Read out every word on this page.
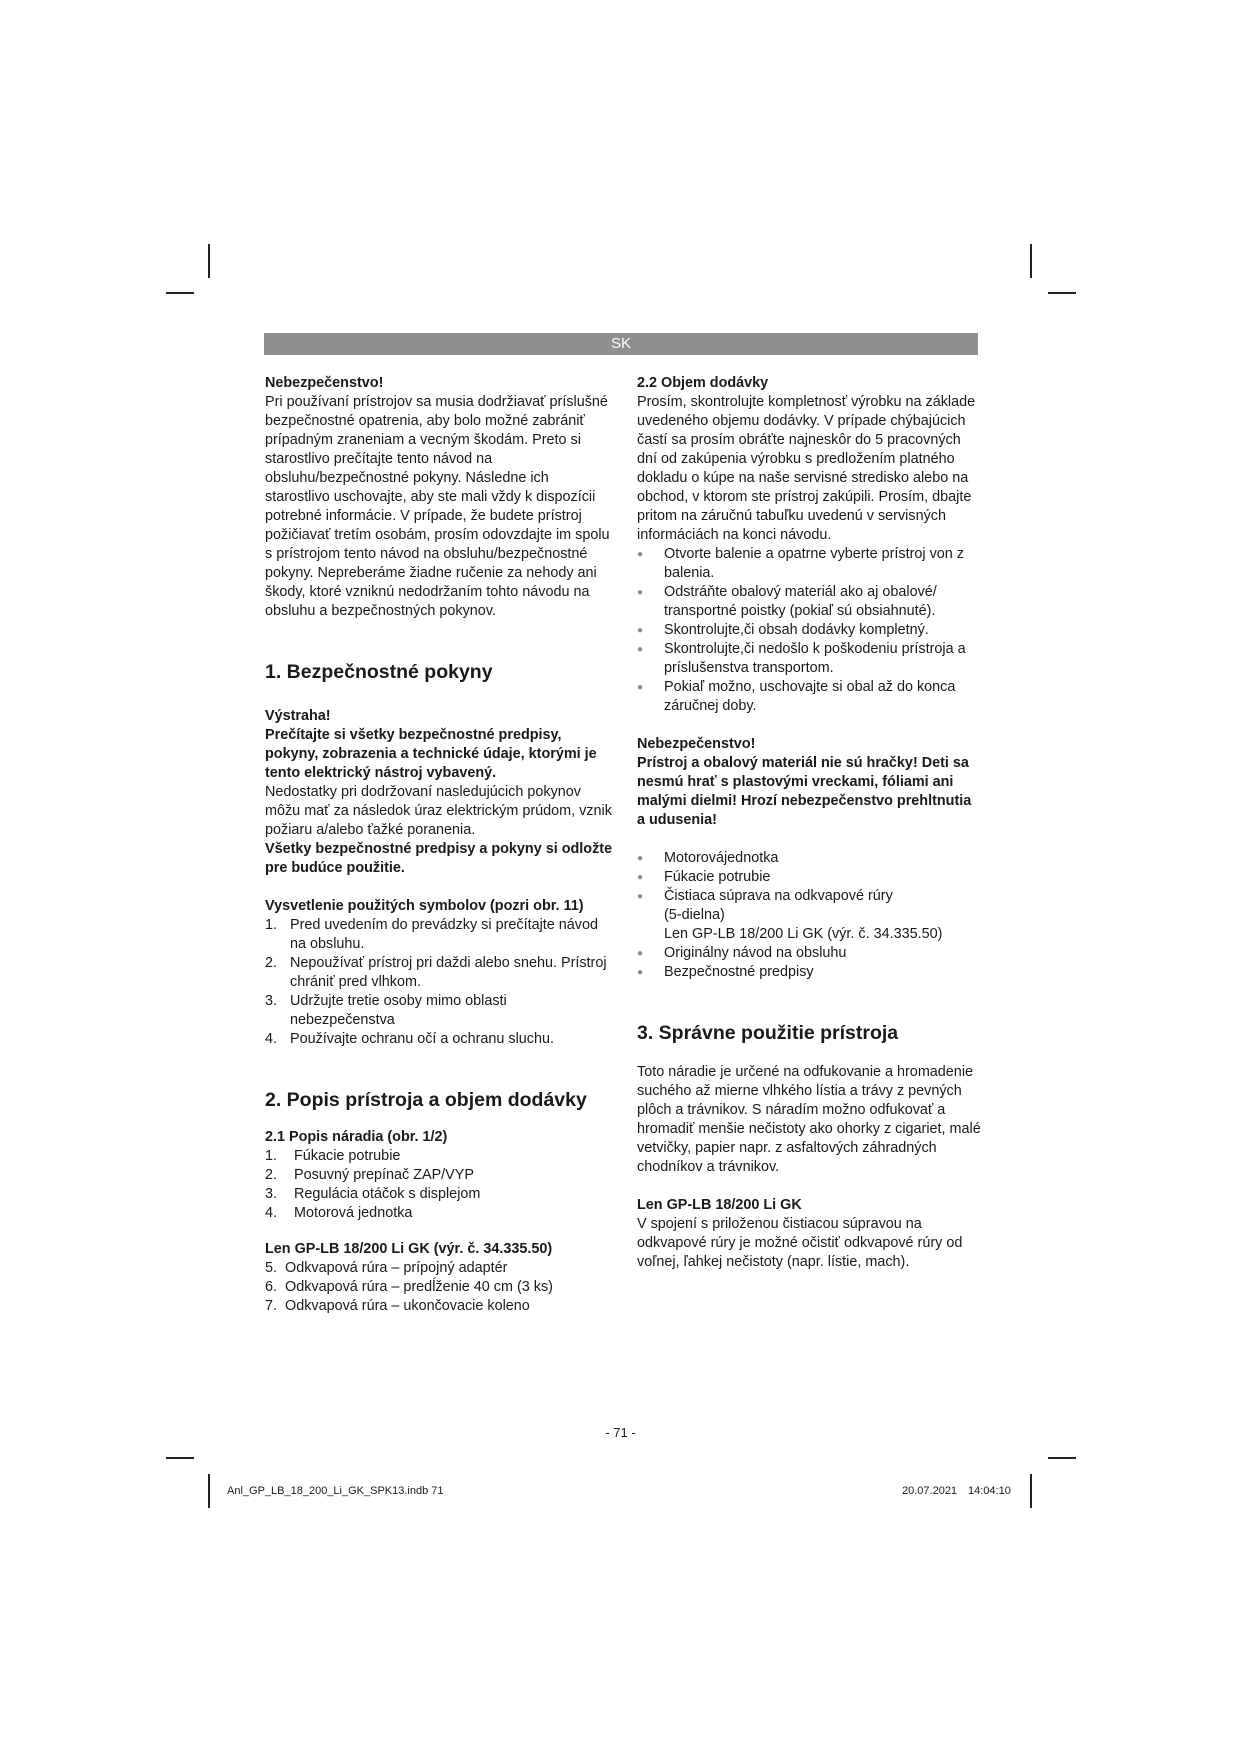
SK

Nebezpečenstvo!

Pri používaní prístrojov sa musia dodržiavať príslušné bezpečnostné opatrenia, aby bolo možné zabrániť prípadným zraneniam a vecným škodám. Preto si starostlivo prečítajte tento návod na obsluhu/bezpečnostné pokyny. Následne ich starostlivo uschovajte, aby ste mali vždy k dispozícii potrebné informácie. V prípade, že budete prístroj požičiavať tretím osobám, prosím odovzdajte im spolu s prístrojom tento návod na obsluhu/bezpečnostné pokyny. Nepreberáme žiadne ručenie za nehody ani škody, ktoré vzniknú nedodržaním tohto návodu na obsluhu a bezpečnostných pokynov.

1. Bezpečnostné pokyny

Výstraha!

Prečítajte si všetky bezpečnostné predpisy, pokyny, zobrazenia a technické údaje, ktorými je tento elektrický nástroj vybavený.

Nedostatky pri dodržovaní nasledujúcich pokynov môžu mať za následok úraz elektrickým prúdom, vznik požiaru a/alebo ťažké poranenia.

Všetky bezpečnostné predpisy a pokyny si odložte pre budúce použitie.

Vysvetlenie použitých symbolov (pozri obr. 11)

1. Pred uvedením do prevádzky si prečítajte návod na obsluhu.
2. Nepoužívať prístroj pri daždi alebo snehu. Prístroj chrániť pred vlhkom.
3. Udržujte tretie osoby mimo oblasti nebezpečenstva
4. Používajte ochranu očí a ochranu sluchu.

2. Popis prístroja a objem dodávky

2.1 Popis náradia (obr. 1/2)

1.	Fúkacie potrubie
2.	Posuvný prepínač ZAP/VYP
3.	Regulácia otáčok s displejom
4.	Motorová jednotka

Len GP-LB 18/200 Li GK (výr. č. 34.335.50)

5. Odkvapová rúra – prípojný adaptér
6. Odkvapová rúra – predĺženie 40 cm (3 ks)
7. Odkvapová rúra – ukončovacie koleno

2.2 Objem dodávky

Prosím, skontrolujte kompletnosť výrobku na základe uvedeného objemu dodávky. V prípade chýbajúcich častí sa prosím obráťte najneskôr do 5 pracovných dní od zakúpenia výrobku s predložením platného dokladu o kúpe na naše servisné stredisko alebo na obchod, v ktorom ste prístroj zakúpili. Prosím, dbajte pritom na záručnú tabuľku uvedenú v servisných informáciách na konci návodu.

● Otvorte balenie a opatrne vyberte prístroj von z balenia.
● Odstráňte obalový materiál ako aj obalové/ transportné poistky (pokiaľ sú obsiahnuté).
● Skontrolujte,či obsah dodávky kompletný.
● Skontrolujte,či nedošlo k poškodeniu prístroja a príslušenstva transportom.
● Pokiaľ možno, uschovajte si obal až do konca záručnej doby.

Nebezpečenstvo!

Prístroj a obalový materiál nie sú hračky! Deti sa nesmú hrať s plastovými vreckami, fóliami ani malými dielmi! Hrozí nebezpečenstvo prehltnutia a udusenia!

● Motorovájednotka
● Fúkacie potrubie
● Čistiaca súprava na odkvapové rúry
(5-dielna)
Len GP-LB 18/200 Li GK (výr. č. 34.335.50)
● Originálny návod na obsluhu
● Bezpečnostné predpisy

3. Správne použitie prístroja

Toto náradie je určené na odfukovanie a hromadenie suchého až mierne vlhkého lístia a trávy z pevných plôch a trávnikov. S náradím možno odfukovať a hromadiť menšie nečistoty ako ohorky z cigariet, malé vetvičky, papier napr. z asfaltových záhradných chodníkov a trávnikov.

Len GP-LB 18/200 Li GK

V spojení s priloženou čistiacou súpravou na odkvapové rúry je možné očistiť odkvapové rúry od voľnej, ľahkej nečistoty (napr. lístie, mach).

- 71 -
Anl_GP_LB_18_200_Li_GK_SPK13.indb 71	20.07.2021 14:04:10
